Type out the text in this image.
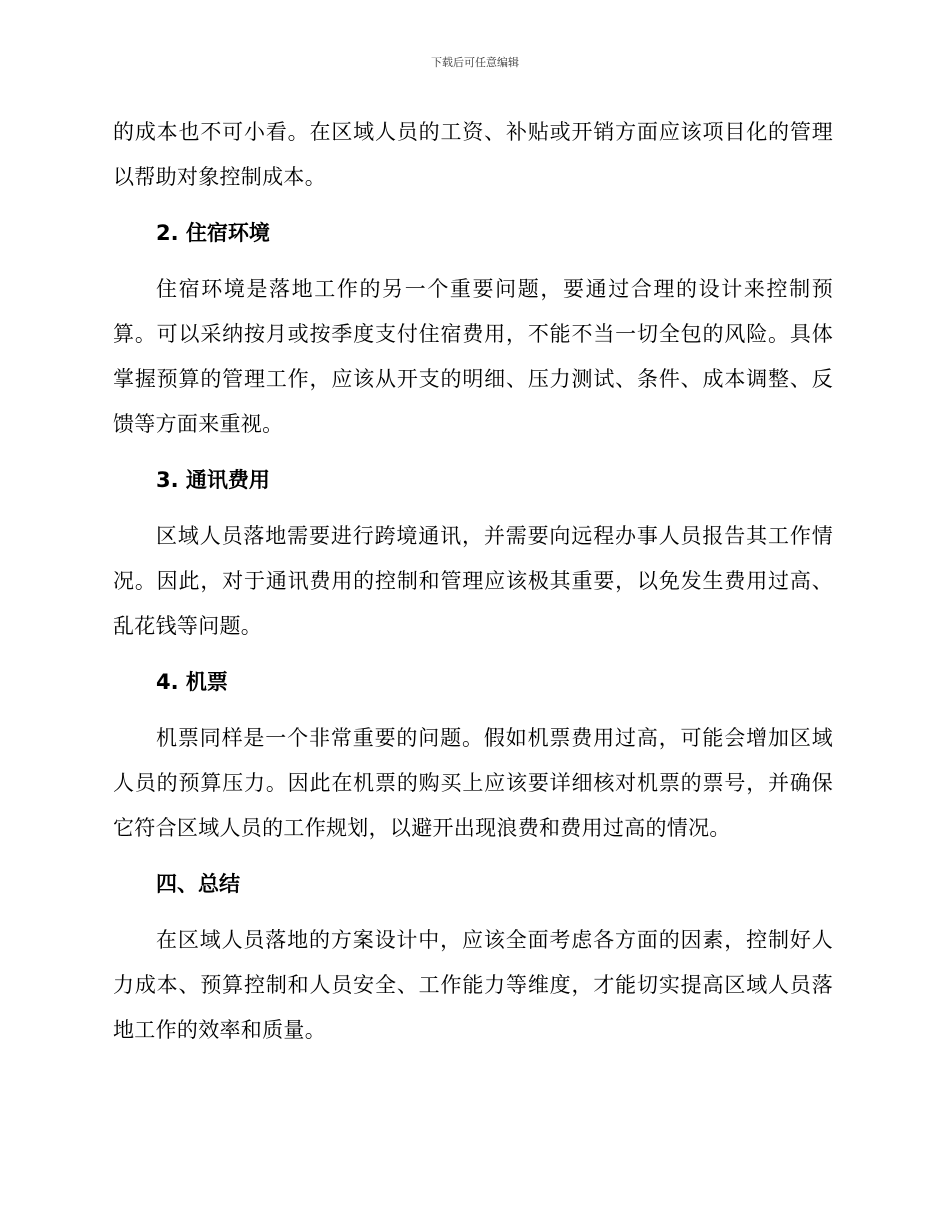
下载后可任意编辑

的成本也不可小看。在区域人员的工资、补贴或开销方面应该项目化的管理以帮助对象控制成本。

2. 住宿环境

住宿环境是落地工作的另一个重要问题，要通过合理的设计来控制预算。可以采纳按月或按季度支付住宿费用，不能不当一切全包的风险。具体掌握预算的管理工作，应该从开支的明细、压力测试、条件、成本调整、反馈等方面来重视。

3. 通讯费用

区域人员落地需要进行跨境通讯，并需要向远程办事人员报告其工作情况。因此，对于通讯费用的控制和管理应该极其重要，以免发生费用过高、乱花钱等问题。

4. 机票

机票同样是一个非常重要的问题。假如机票费用过高，可能会增加区域人员的预算压力。因此在机票的购买上应该要详细核对机票的票号，并确保它符合区域人员的工作规划，以避开出现浪费和费用过高的情况。

四、总结

在区域人员落地的方案设计中，应该全面考虑各方面的因素，控制好人力成本、预算控制和人员安全、工作能力等维度，才能切实提高区域人员落地工作的效率和质量。
